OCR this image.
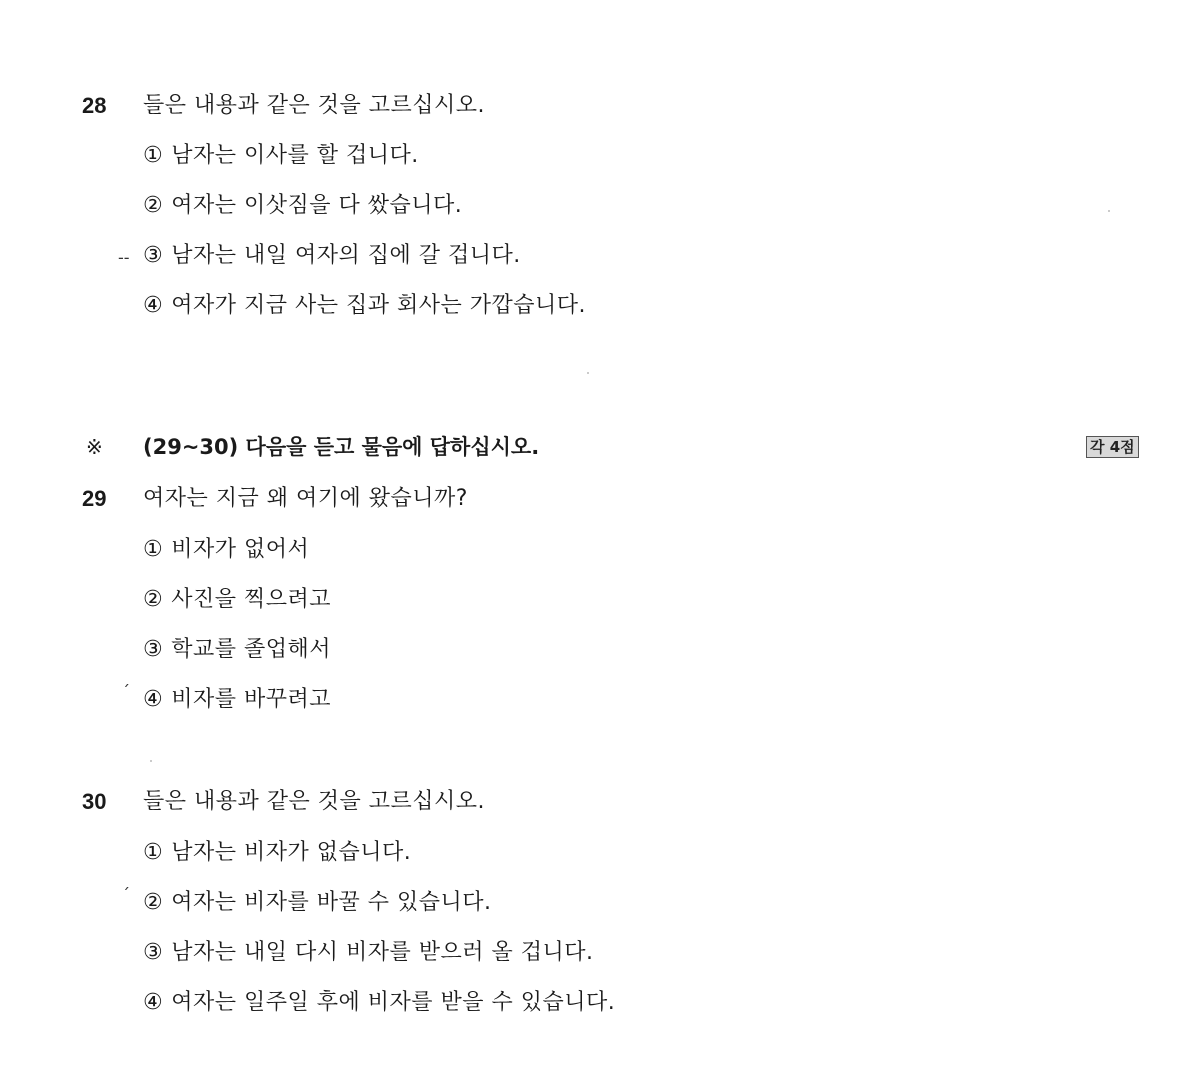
28 들은 내용과 같은 것을 고르십시오.
① 남자는 이사를 할 겁니다.
② 여자는 이삿짐을 다 쌌습니다.
‐‐ ③ 남자는 내일 여자의 집에 갈 겁니다.
④ 여자가 지금 사는 집과 회사는 가깝습니다.
※ (29~30) 다음을 듣고 물음에 답하십시오.	각 4점
29 여자는 지금 왜 여기에 왔습니까?
① 비자가 없어서
② 사진을 찍으려고
③ 학교를 졸업해서
ˊ ④ 비자를 바꾸려고
30 들은 내용과 같은 것을 고르십시오.
① 남자는 비자가 없습니다.
ˊ ② 여자는 비자를 바꿀 수 있습니다.
③ 남자는 내일 다시 비자를 받으러 올 겁니다.
④ 여자는 일주일 후에 비자를 받을 수 있습니다.
